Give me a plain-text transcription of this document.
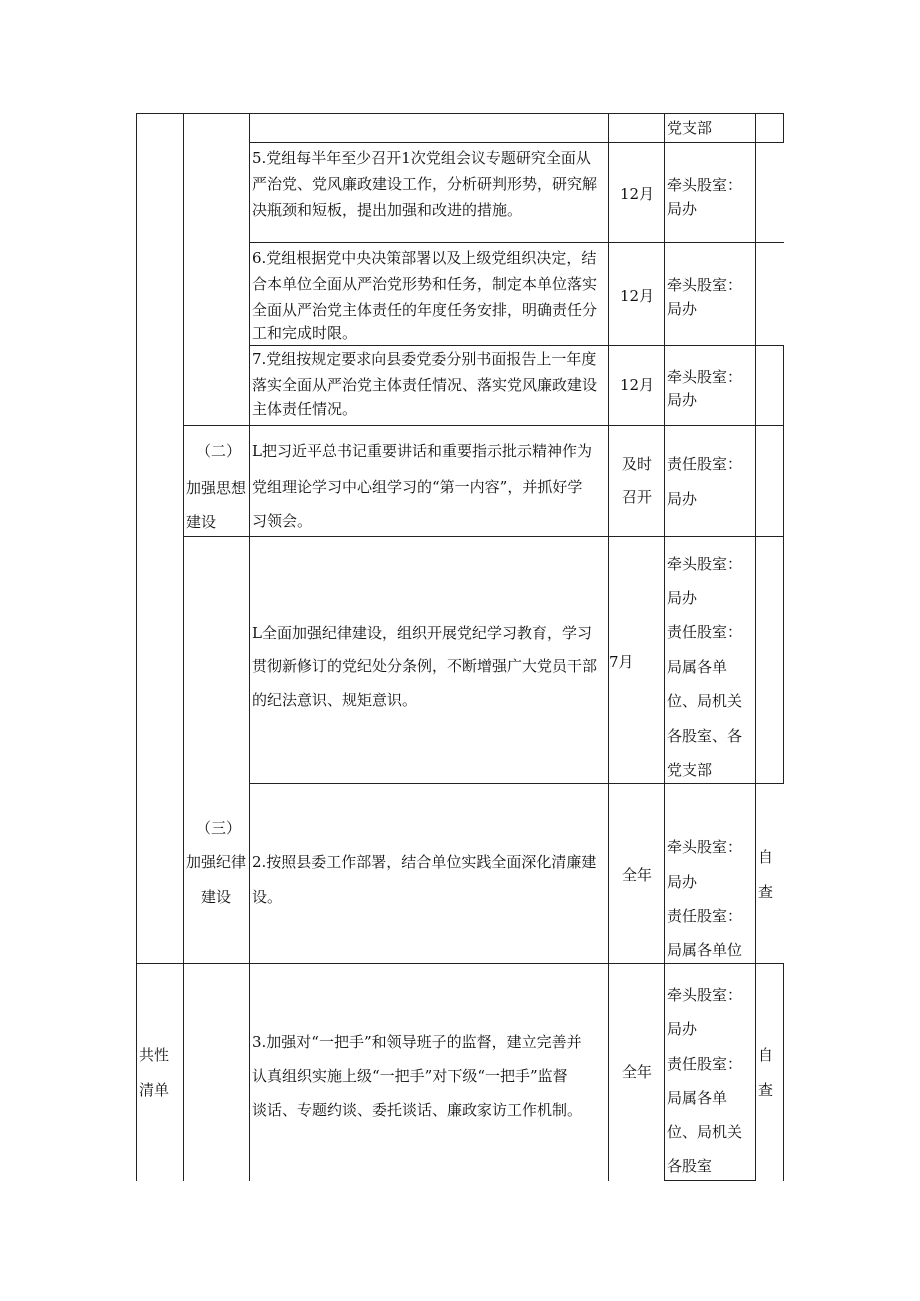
党支部

5.党组每半年至少召开1次党组会议专题研究全面从

严治党、党风廉政建设工作，分析研判形势，研究解

决瓶颈和短板，提出加强和改进的措施。

12月 牵头股室：

局办

6.党组根据党中央决策部署以及上级党组织决定，结

合本单位全面从严治党形势和任务，制定本单位落实

全面从严治党主体责任的年度任务安排，明确责任分

工和完成时限。

12月

牵头股室：

局办

7.党组按规定要求向县委党委分别书面报告上一年度

落实全面从严治党主体责任情况、落实党风廉政建设

主体责任情况。

12月 牵头股室：

局办

（二）

加强思想

建设

L把习近平总书记重要讲话和重要指示批示精神作为

党组理论学习中心组学习的“第一内容”，并抓好学

习领会。

及时

召开

责任股室：

局办

L全面加强纪律建设，组织开展党纪学习教育，学习

贯彻新修订的党纪处分条例，不断增强广大党员干部

的纪法意识、规矩意识。

7月

牵头股室：

局办

责任股室：

局属各单

位、局机关

各股室、各

党支部

（三）

加强纪律

建设

2.按照县委工作部署，结合单位实践全面深化清廉建

设。

全年

牵头股室：

局办

责任股室：

局属各单位

自

查

共性

清单

3.加强对“一把手”和领导班子的监督，建立完善并

认真组织实施上级“一把手”对下级“一把手”监督

谈话、专题约谈、委托谈话、廉政家访工作机制。

全年

牵头股室：

局办

责任股室：

局属各单

位、局机关

各股室

自

查
